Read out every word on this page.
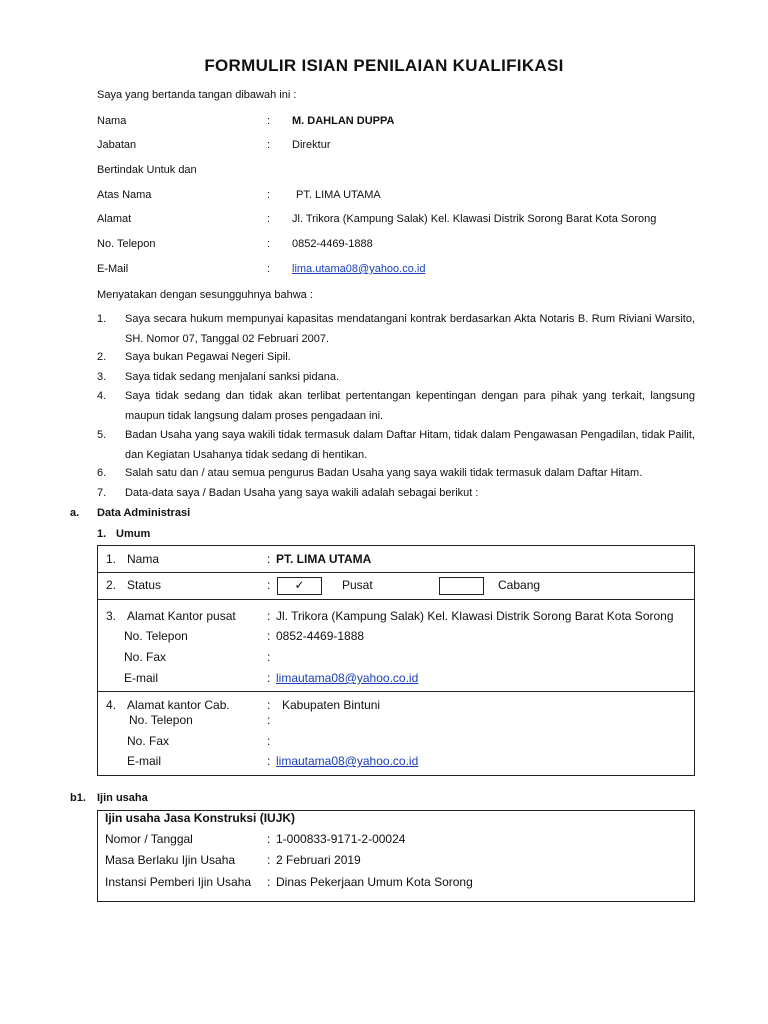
FORMULIR ISIAN PENILAIAN KUALIFIKASI
Saya yang bertanda tangan dibawah ini :
Nama	: M. DAHLAN DUPPA
Jabatan	: Direktur
Bertindak Untuk dan
Atas Nama	: PT. LIMA UTAMA
Alamat	: Jl. Trikora (Kampung Salak) Kel. Klawasi Distrik Sorong Barat Kota Sorong
No. Telepon	: 0852-4469-1888
E-Mail	: lima.utama08@yahoo.co.id
Menyatakan dengan sesungguhnya bahwa :
1. Saya secara hukum mempunyai kapasitas mendatangani kontrak berdasarkan Akta Notaris B. Rum Riviani Warsito, SH. Nomor 07, Tanggal 02 Februari 2007.
2. Saya bukan Pegawai Negeri Sipil.
3. Saya tidak sedang menjalani sanksi pidana.
4. Saya tidak sedang dan tidak akan terlibat pertentangan kepentingan dengan para pihak yang terkait, langsung maupun tidak langsung dalam proses pengadaan ini.
5. Badan Usaha yang saya wakili tidak termasuk dalam Daftar Hitam, tidak dalam Pengawasan Pengadilan, tidak Pailit, dan Kegiatan Usahanya tidak sedang di hentikan.
6. Salah satu dan / atau semua pengurus Badan Usaha yang saya wakili tidak termasuk dalam Daftar Hitam.
7. Data-data saya / Badan Usaha yang saya wakili adalah sebagai berikut :
a. Data Administrasi
1. Umum
1. Nama	: PT. LIMA UTAMA
2. Status	:	✓	Pusat	Cabang
3. Alamat Kantor pusat	: Jl. Trikora (Kampung Salak) Kel. Klawasi Distrik Sorong Barat Kota Sorong
No. Telepon	: 0852-4469-1888
No. Fax	:
E-mail	: limautama08@yahoo.co.id
4. Alamat kantor Cab.	: Kabupaten Bintuni
No. Telepon	:
No. Fax	:
E-mail	: limautama08@yahoo.co.id
b1. Ijin usaha
Ijin usaha Jasa Konstruksi (IUJK)
Nomor / Tanggal	: 1-000833-9171-2-00024
Masa Berlaku Ijin Usaha	: 2 Februari 2019
Instansi Pemberi Ijin Usaha : Dinas Pekerjaan Umum Kota Sorong
